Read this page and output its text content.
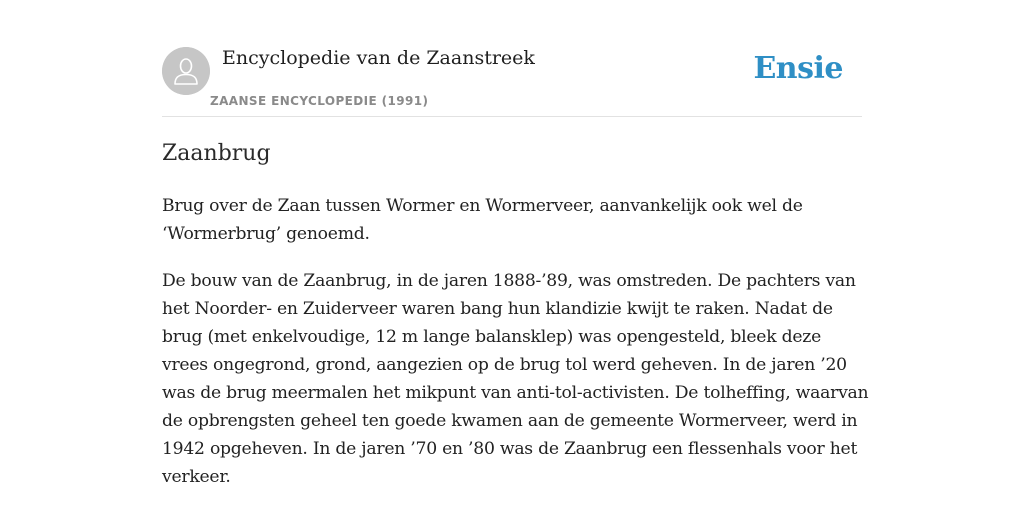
Encyclopedie van de Zaanstreek
ZAANSE ENCYCLOPEDIE (1991)
Ensie
Zaanbrug

Brug over de Zaan tussen Wormer en Wormerveer, aanvankelijk ook wel de ‘Wormerbrug’ genoemd.

De bouw van de Zaanbrug, in de jaren 1888-’89, was omstreden. De pachters van het Noorder- en Zuiderveer waren bang hun klandizie kwijt te raken. Nadat de brug (met enkelvoudige, 12 m lange balansklep) was opengesteld, bleek deze vrees ongegrond, grond, aangezien op de brug tol werd geheven. In de jaren ’20 was de brug meermalen het mikpunt van anti-tol-activisten. De tolheffing, waarvan de opbrengsten geheel ten goede kwamen aan de gemeente Wormerveer, werd in 1942 opgeheven. In de jaren ’70 en ’80 was de Zaanbrug een flessenhals voor het verkeer.
